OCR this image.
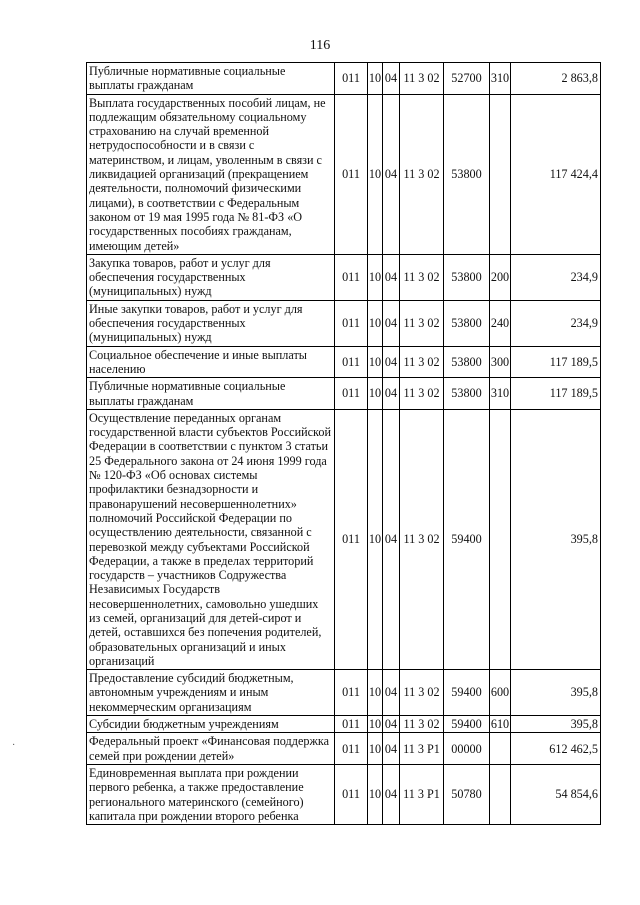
116
Публичные нормативные социальные выплаты гражданам	011	10	04	11 3 02	52700	310	2 863,8
Выплата государственных пособий лицам, не подлежащим обязательному социальному страхованию на случай временной нетрудоспособности и в связи с материнством, и лицам, уволенным в связи с ликвидацией организаций (прекращением деятельности, полномочий физическими лицами), в соответствии с Федеральным законом от 19 мая 1995 года № 81-ФЗ «О государственных пособиях гражданам, имеющим детей»	011	10	04	11 3 02	53800		117 424,4
Закупка товаров, работ и услуг для обеспечения государственных (муниципальных) нужд	011	10	04	11 3 02	53800	200	234,9
Иные закупки товаров, работ и услуг для обеспечения государственных (муниципальных) нужд	011	10	04	11 3 02	53800	240	234,9
Социальное обеспечение и иные выплаты населению	011	10	04	11 3 02	53800	300	117 189,5
Публичные нормативные социальные выплаты гражданам	011	10	04	11 3 02	53800	310	117 189,5
Осуществление переданных органам государственной власти субъектов Российской Федерации в соответствии с пунктом 3 статьи 25 Федерального закона от 24 июня 1999 года № 120-ФЗ «Об основах системы профилактики безнадзорности и правонарушений несовершеннолетних» полномочий Российской Федерации по осуществлению деятельности, связанной с перевозкой между субъектами Российской Федерации, а также в пределах территорий государств – участников Содружества Независимых Государств несовершеннолетних, самовольно ушедших из семей, организаций для детей-сирот и детей, оставшихся без попечения родителей, образовательных организаций и иных организаций	011	10	04	11 3 02	59400		395,8
Предоставление субсидий бюджетным, автономным учреждениям и иным некоммерческим организациям	011	10	04	11 3 02	59400	600	395,8
Субсидии бюджетным учреждениям	011	10	04	11 3 02	59400	610	395,8
Федеральный проект «Финансовая поддержка семей при рождении детей»	011	10	04	11 3 P1	00000		612 462,5
Единовременная выплата при рождении первого ребенка, а также предоставление регионального материнского (семейного) капитала при рождении второго ребенка	011	10	04	11 3 P1	50780		54 854,6
·
